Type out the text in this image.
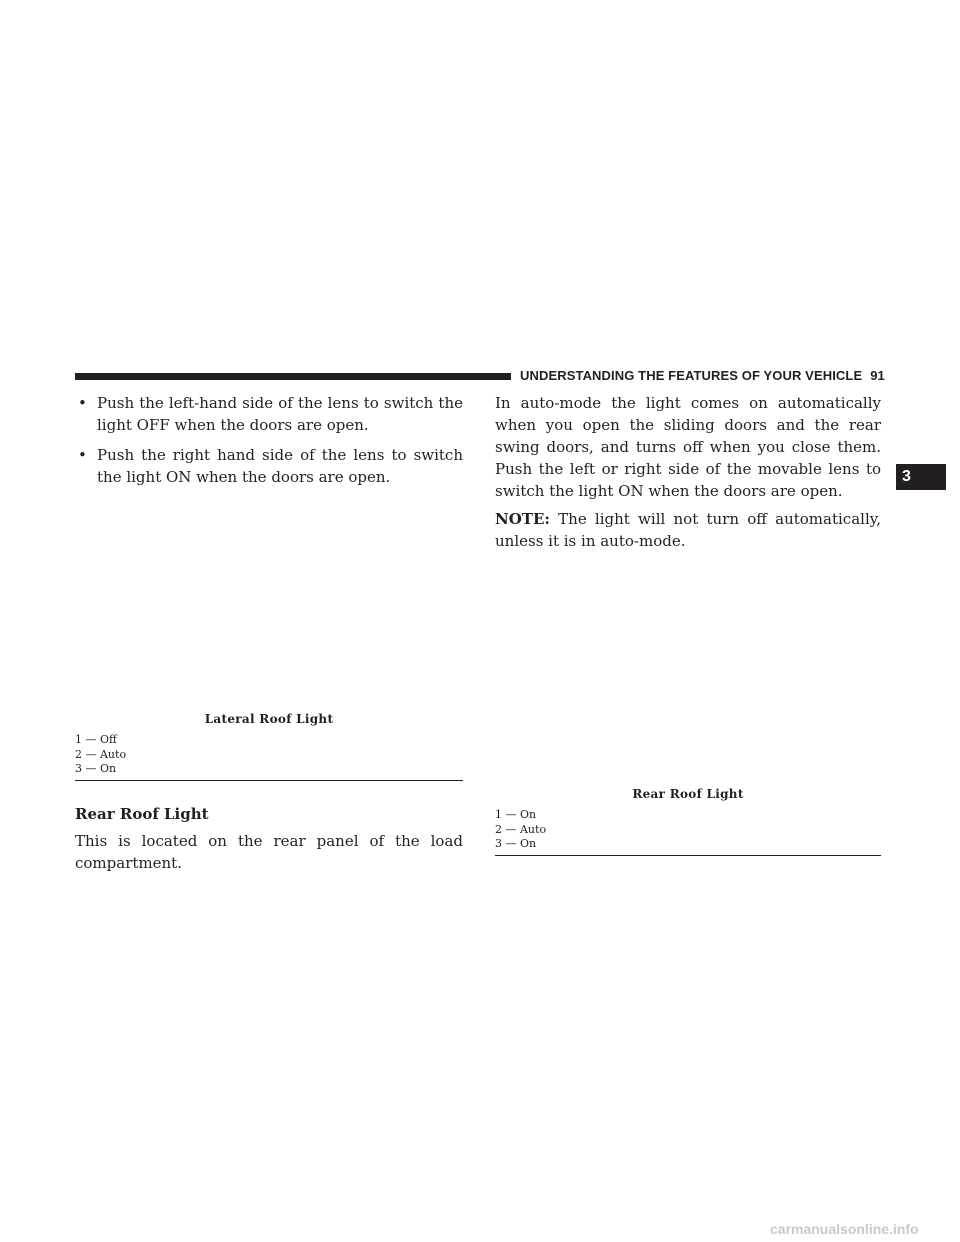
UNDERSTANDING THE FEATURES OF YOUR VEHICLE 91
3
• Push the left-hand side of the lens to switch the light OFF when the doors are open.
• Push the right hand side of the lens to switch the light ON when the doors are open.
Lateral Roof Light
1 — Off
2 — Auto
3 — On
Rear Roof Light

This is located on the rear panel of the load compartment.

In auto-mode the light comes on automatically when you open the sliding doors and the rear swing doors, and turns off when you close them. Push the left or right side of the movable lens to switch the light ON when the doors are open.

NOTE: The light will not turn off automatically, unless it is in auto-mode.

Rear Roof Light
1 — On
2 — Auto
3 — On
carmanualsonline.info
